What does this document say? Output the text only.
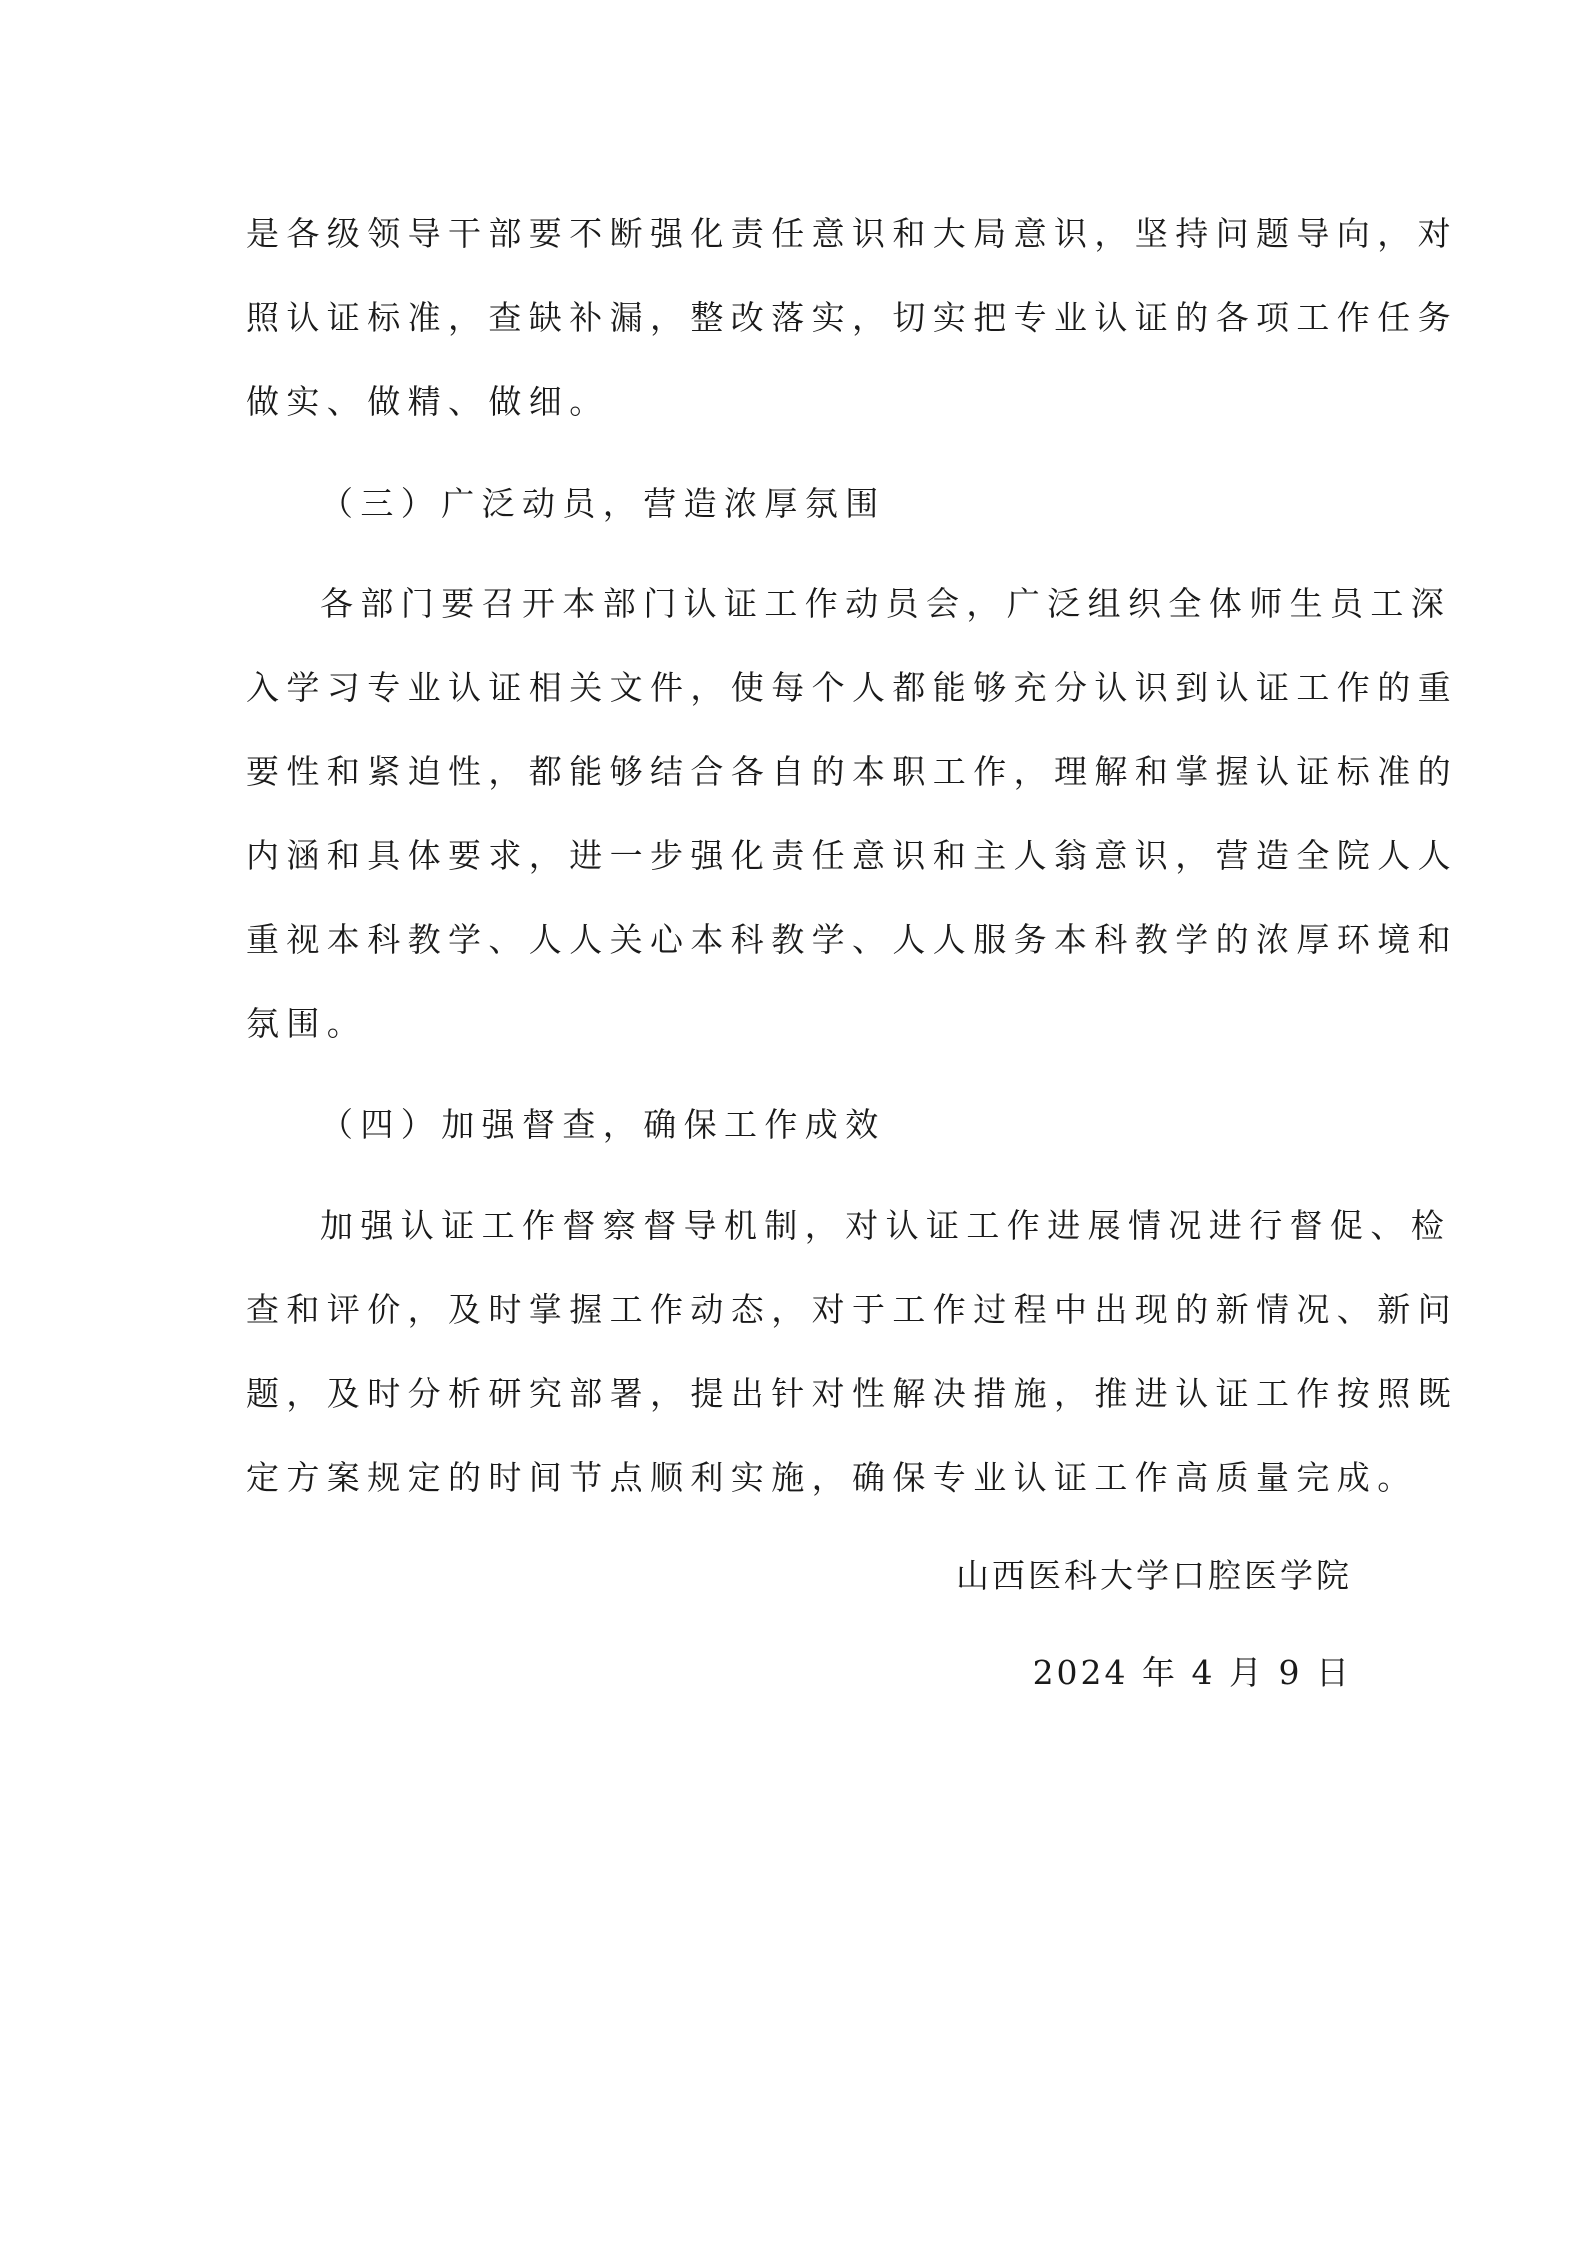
是各级领导干部要不断强化责任意识和大局意识，坚持问题导向，对
照认证标准，查缺补漏，整改落实，切实把专业认证的各项工作任务
做实、做精、做细。
（三）广泛动员，营造浓厚氛围
各部门要召开本部门认证工作动员会，广泛组织全体师生员工深
入学习专业认证相关文件，使每个人都能够充分认识到认证工作的重
要性和紧迫性，都能够结合各自的本职工作，理解和掌握认证标准的
内涵和具体要求，进一步强化责任意识和主人翁意识，营造全院人人
重视本科教学、人人关心本科教学、人人服务本科教学的浓厚环境和
氛围。
（四）加强督查，确保工作成效
加强认证工作督察督导机制，对认证工作进展情况进行督促、检
查和评价，及时掌握工作动态，对于工作过程中出现的新情况、新问
题，及时分析研究部署，提出针对性解决措施，推进认证工作按照既
定方案规定的时间节点顺利实施，确保专业认证工作高质量完成。
山西医科大学口腔医学院
2024 年 4 月 9 日
